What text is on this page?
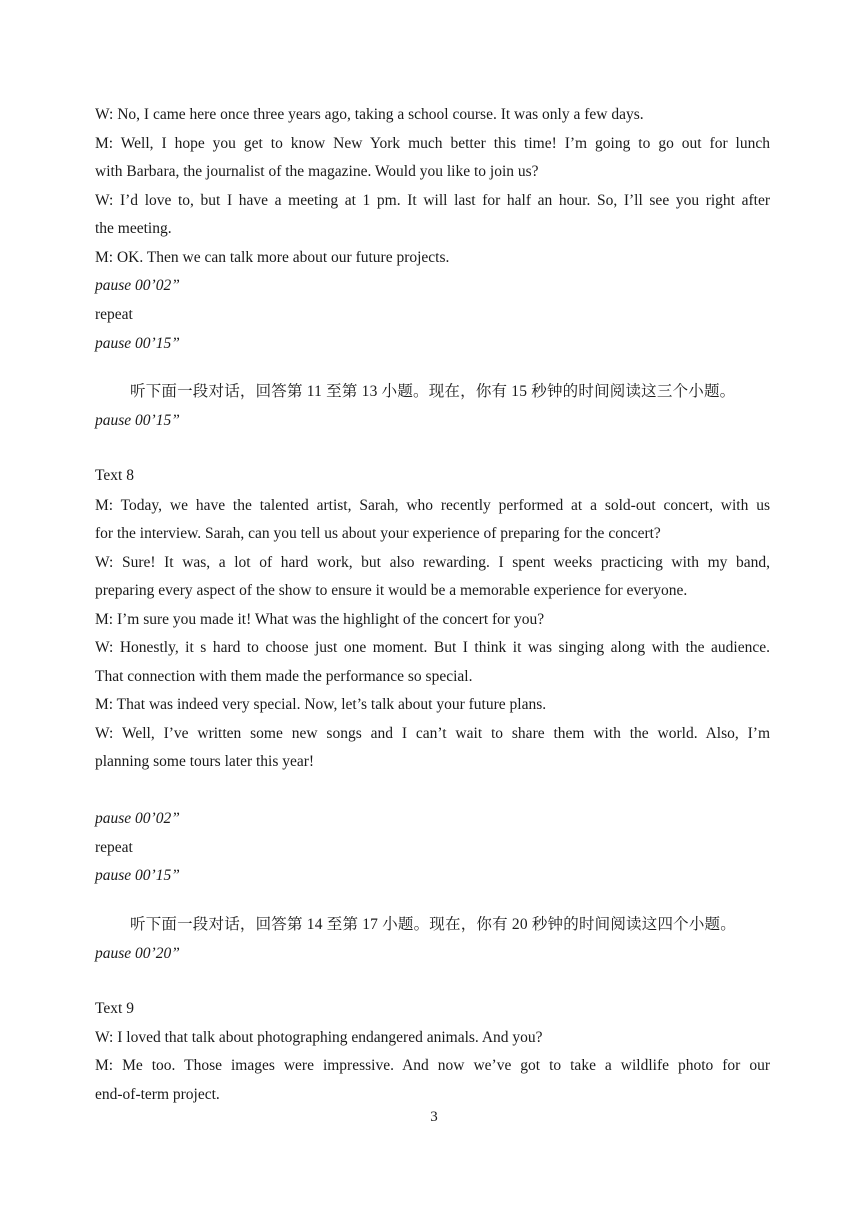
W: No, I came here once three years ago, taking a school course. It was only a few days.
M: Well, I hope you get to know New York much better this time! I’m going to go out for lunch
with Barbara, the journalist of the magazine. Would you like to join us?
W: I’d love to, but I have a meeting at 1 pm. It will last for half an hour. So, I’ll see you right after
the meeting.
M: OK. Then we can talk more about our future projects.
pause 00’02”
repeat
pause 00’15”
听下面一段对话，回答第 11 至第 13 小题。现在，你有 15 秒钟的时间阅读这三个小题。
pause 00’15”
Text 8
M: Today, we have the talented artist, Sarah, who recently performed at a sold-out concert, with us
for the interview. Sarah, can you tell us about your experience of preparing for the concert?
W: Sure! It was, a lot of hard work, but also rewarding. I spent weeks practicing with my band,
preparing every aspect of the show to ensure it would be a memorable experience for everyone.
M: I’m sure you made it! What was the highlight of the concert for you?
W: Honestly, it s hard to choose just one moment. But I think it was singing along with the audience.
That connection with them made the performance so special.
M: That was indeed very special. Now, let’s talk about your future plans.
W: Well, I’ve written some new songs and I can’t wait to share them with the world. Also, I’m
planning some tours later this year!
pause 00’02”
repeat
pause 00’15”
听下面一段对话，回答第 14 至第 17 小题。现在，你有 20 秒钟的时间阅读这四个小题。
pause 00’20”
Text 9
W: I loved that talk about photographing endangered animals. And you?
M: Me too. Those images were impressive. And now we’ve got to take a wildlife photo for our
end-of-term project.
3
